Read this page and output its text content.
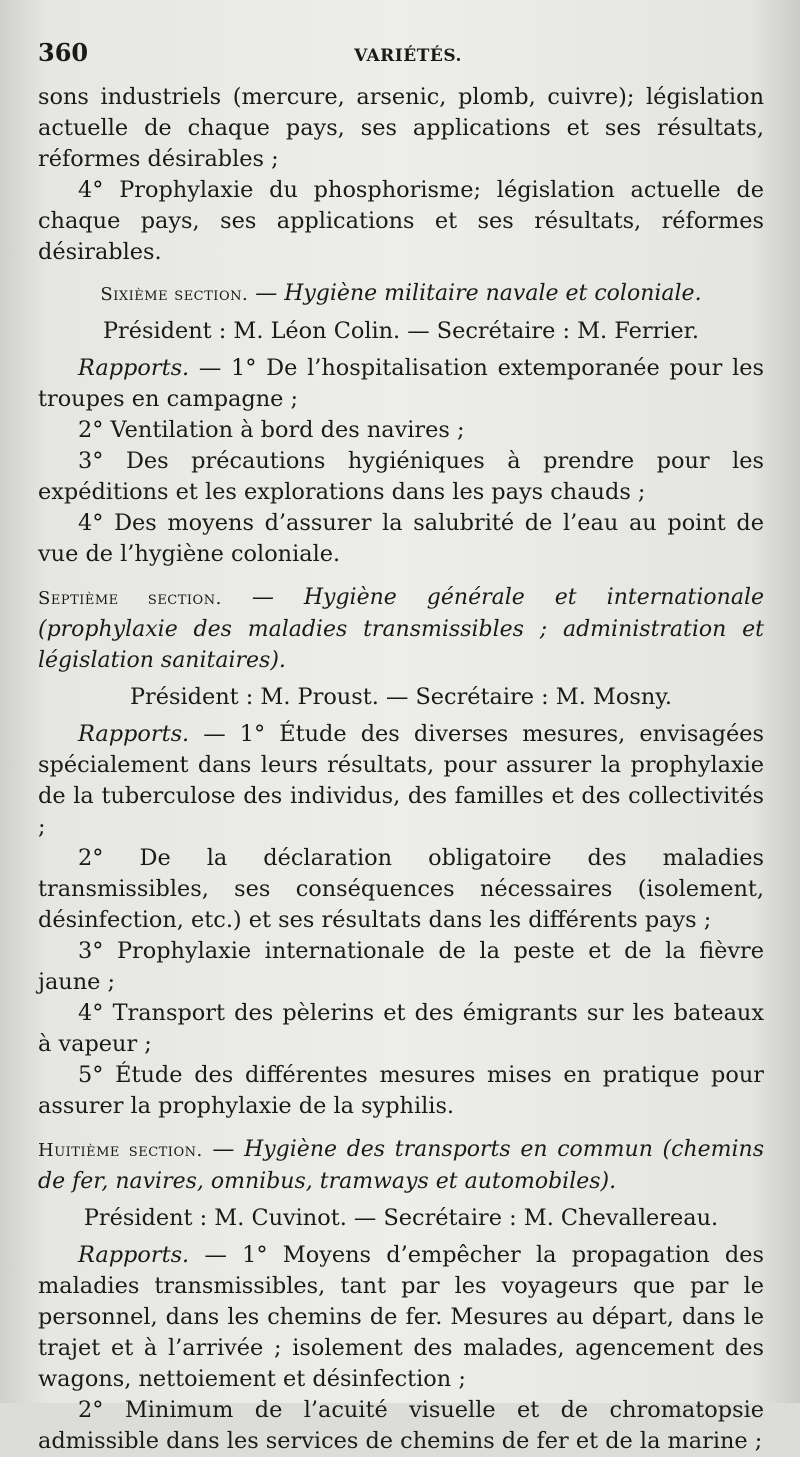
360	VARIÉTÉS.

sons industriels (mercure, arsenic, plomb, cuivre); législation actuelle de chaque pays, ses applications et ses résultats, réformes désirables ;

4° Prophylaxie du phosphorisme; législation actuelle de chaque pays, ses applications et ses résultats, réformes désirables.

Sixième section. — Hygiène militaire navale et coloniale.

Président : M. Léon Colin. — Secrétaire : M. Ferrier.

Rapports. — 1° De l’hospitalisation extemporanée pour les troupes en campagne ;

2° Ventilation à bord des navires ;

3° Des précautions hygiéniques à prendre pour les expéditions et les explorations dans les pays chauds ;

4° Des moyens d’assurer la salubrité de l’eau au point de vue de l’hygiène coloniale.

Septième section. — Hygiène générale et internationale (prophylaxie des maladies transmissibles ; administration et législation sanitaires).

Président : M. Proust. — Secrétaire : M. Mosny.

Rapports. — 1° Étude des diverses mesures, envisagées spécialement dans leurs résultats, pour assurer la prophylaxie de la tuberculose des individus, des familles et des collectivités ;

2° De la déclaration obligatoire des maladies transmissibles, ses conséquences nécessaires (isolement, désinfection, etc.) et ses résultats dans les différents pays ;

3° Prophylaxie internationale de la peste et de la fièvre jaune ;

4° Transport des pèlerins et des émigrants sur les bateaux à vapeur ;

5° Étude des différentes mesures mises en pratique pour assurer la prophylaxie de la syphilis.

Huitième section. — Hygiène des transports en commun (chemins de fer, navires, omnibus, tramways et automobiles).

Président : M. Cuvinot. — Secrétaire : M. Chevallereau.

Rapports. — 1° Moyens d’empêcher la propagation des maladies transmissibles, tant par les voyageurs que par le personnel, dans les chemins de fer. Mesures au départ, dans le trajet et à l’arrivée ; isolement des malades, agencement des wagons, nettoiement et désinfection ;

2° Minimum de l’acuité visuelle et de chromatopsie admissible dans les services de chemins de fer et de la marine ;
